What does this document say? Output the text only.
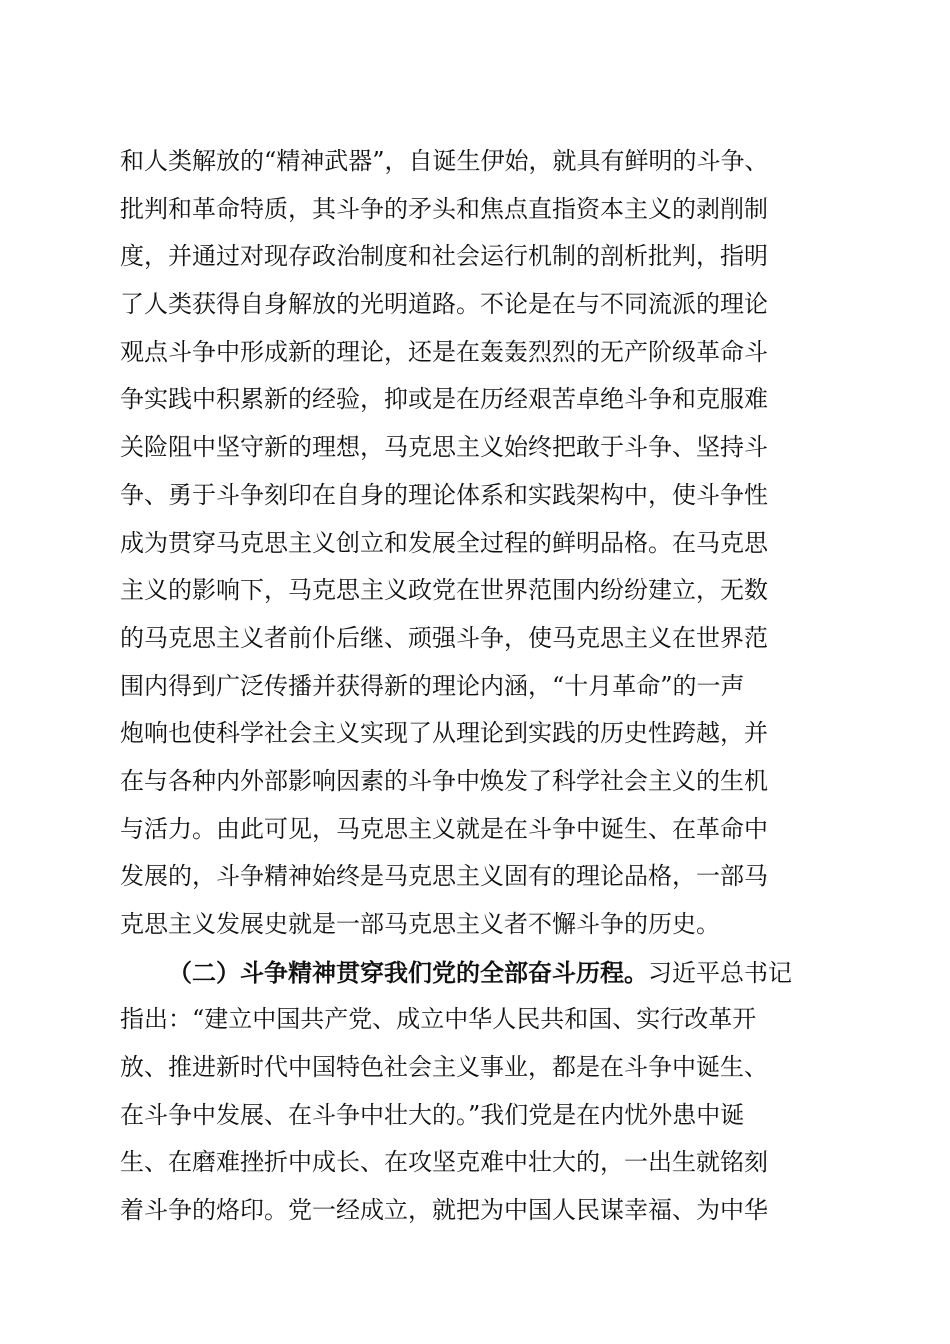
和人类解放的“精神武器”，自诞生伊始，就具有鲜明的斗争、
批判和革命特质，其斗争的矛头和焦点直指资本主义的剥削制
度，并通过对现存政治制度和社会运行机制的剖析批判，指明
了人类获得自身解放的光明道路。不论是在与不同流派的理论
观点斗争中形成新的理论，还是在轰轰烈烈的无产阶级革命斗
争实践中积累新的经验，抑或是在历经艰苦卓绝斗争和克服难
关险阻中坚守新的理想，马克思主义始终把敢于斗争、坚持斗
争、勇于斗争刻印在自身的理论体系和实践架构中，使斗争性
成为贯穿马克思主义创立和发展全过程的鲜明品格。在马克思
主义的影响下，马克思主义政党在世界范围内纷纷建立，无数
的马克思主义者前仆后继、顽强斗争，使马克思主义在世界范
围内得到广泛传播并获得新的理论内涵，“十月革命”的一声
炮响也使科学社会主义实现了从理论到实践的历史性跨越，并
在与各种内外部影响因素的斗争中焕发了科学社会主义的生机
与活力。由此可见，马克思主义就是在斗争中诞生、在革命中
发展的，斗争精神始终是马克思主义固有的理论品格，一部马
克思主义发展史就是一部马克思主义者不懈斗争的历史。
（二）斗争精神贯穿我们党的全部奋斗历程。习近平总书记
指出：“建立中国共产党、成立中华人民共和国、实行改革开
放、推进新时代中国特色社会主义事业，都是在斗争中诞生、
在斗争中发展、在斗争中壮大的。”我们党是在内忧外患中诞
生、在磨难挫折中成长、在攻坚克难中壮大的，一出生就铭刻
着斗争的烙印。党一经成立，就把为中国人民谋幸福、为中华
